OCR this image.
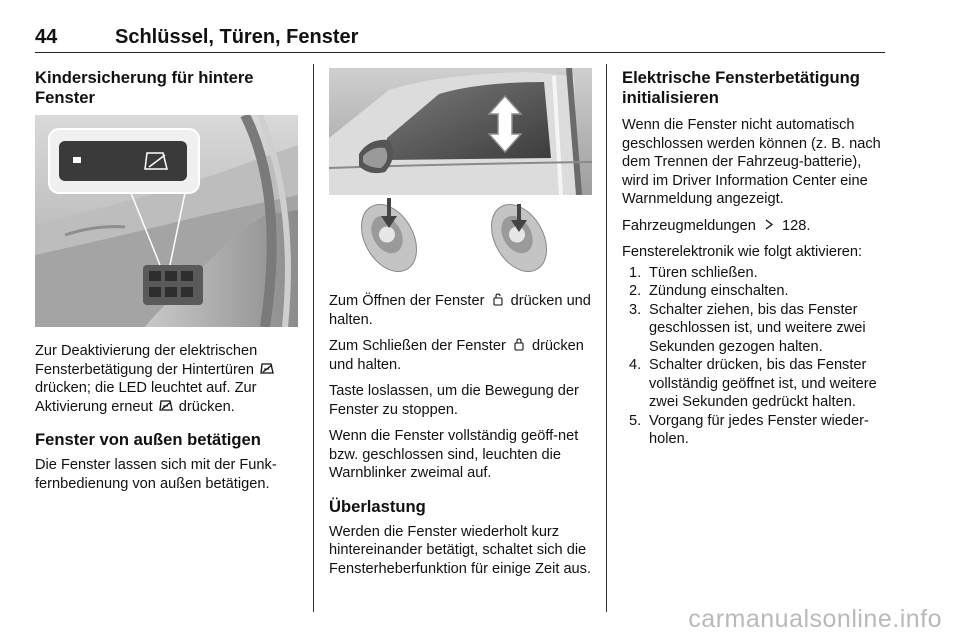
44	Schlüssel, Türen, Fenster
Kindersicherung für hintere Fenster

Zur Deaktivierung der elektrischen Fensterbetätigung der Hintertüren  drücken; die LED leuchtet auf. Zur Aktivierung erneut drücken.

Fenster von außen betätigen

Die Fenster lassen sich mit der Funk-fernbedienung von außen betätigen.

Zum Öffnen der Fenster drücken und halten.

Zum Schließen der Fenster drücken und halten.

Taste loslassen, um die Bewegung der Fenster zu stoppen.

Wenn die Fenster vollständig geöff-net bzw. geschlossen sind, leuchten die Warnblinker zweimal auf.

Überlastung

Werden die Fenster wiederholt kurz hintereinander betätigt, schaltet sich die Fensterheberfunktion für einige Zeit aus.

Elektrische Fensterbetätigung initialisieren

Wenn die Fenster nicht automatisch geschlossen werden können (z. B. nach dem Trennen der Fahrzeug-batterie), wird im Driver Information Center eine Warnmeldung angezeigt.

Fahrzeugmeldungen 128.

Fensterelektronik wie folgt aktivieren:

1. Türen schließen.
2. Zündung einschalten.
3. Schalter ziehen, bis das Fenster geschlossen ist, und weitere zwei Sekunden gezogen halten.
4. Schalter drücken, bis das Fenster vollständig geöffnet ist, und weitere zwei Sekunden gedrückt halten.
5. Vorgang für jedes Fenster wieder-holen.
carmanualsonline.info
